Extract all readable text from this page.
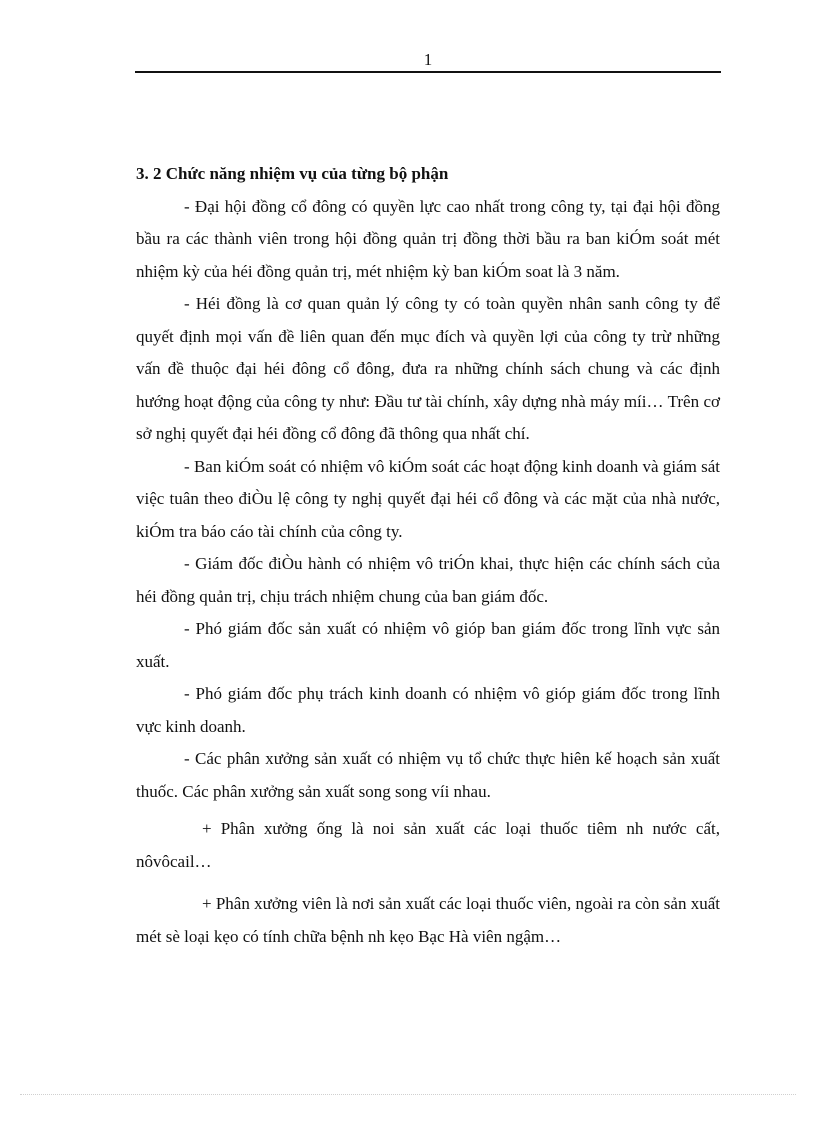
1

3. 2 Chức năng nhiệm vụ của từng bộ phận

- Đại hội đồng cổ đông có quyền lực cao nhất trong công ty, tại đại hội đồng bầu ra các thành viên trong hội đồng quản trị đồng thời bầu ra ban kiÓm soát mét nhiệm kỳ của héi đồng quản trị, mét nhiệm kỳ ban kiÓm soat là 3 năm.

- Héi đồng là cơ quan quản lý công ty có toàn quyền nhân sanh công ty để quyết định mọi vấn đề liên quan đến mục đích và quyền lợi của công ty trừ những vấn đề thuộc đại héi đông cổ đông, đưa ra những chính sách chung và các định hướng hoạt động của công ty như: Đầu tư tài chính, xây dựng nhà máy míi… Trên cơ sở nghị quyết đại héi đồng cổ đông đã thông qua nhất chí.

- Ban kiÓm soát có nhiệm vô kiÓm soát các hoạt động kinh doanh và giám sát việc tuân theo điÒu lệ công ty nghị quyết đại héi cổ đông và các mặt của nhà nước, kiÓm tra báo cáo tài chính của công ty.

- Giám đốc điÒu hành có nhiệm vô triÓn khai, thực hiện các chính sách của héi đồng quản trị, chịu trách nhiệm chung của ban giám đốc.

- Phó giám đốc sản xuất có nhiệm vô gióp ban giám đốc trong lĩnh vực sản xuất.

- Phó giám đốc phụ trách kinh doanh có nhiệm vô gióp giám đốc trong lĩnh vực kinh doanh.

- Các phân xưởng sản xuất có nhiệm vụ tổ chức thực hiên kế hoạch sản xuất thuốc. Các phân xưởng sản xuất song song víi nhau.

+ Phân xưởng ống là noi sản xuất các loại thuốc tiêm nh nước cất, nôvôcail…

+ Phân xưởng viên là nơi sản xuất các loại thuốc viên, ngoài ra còn sản xuất mét sè loại kẹo có tính chữa bệnh nh kẹo Bạc Hà viên ngậm…
